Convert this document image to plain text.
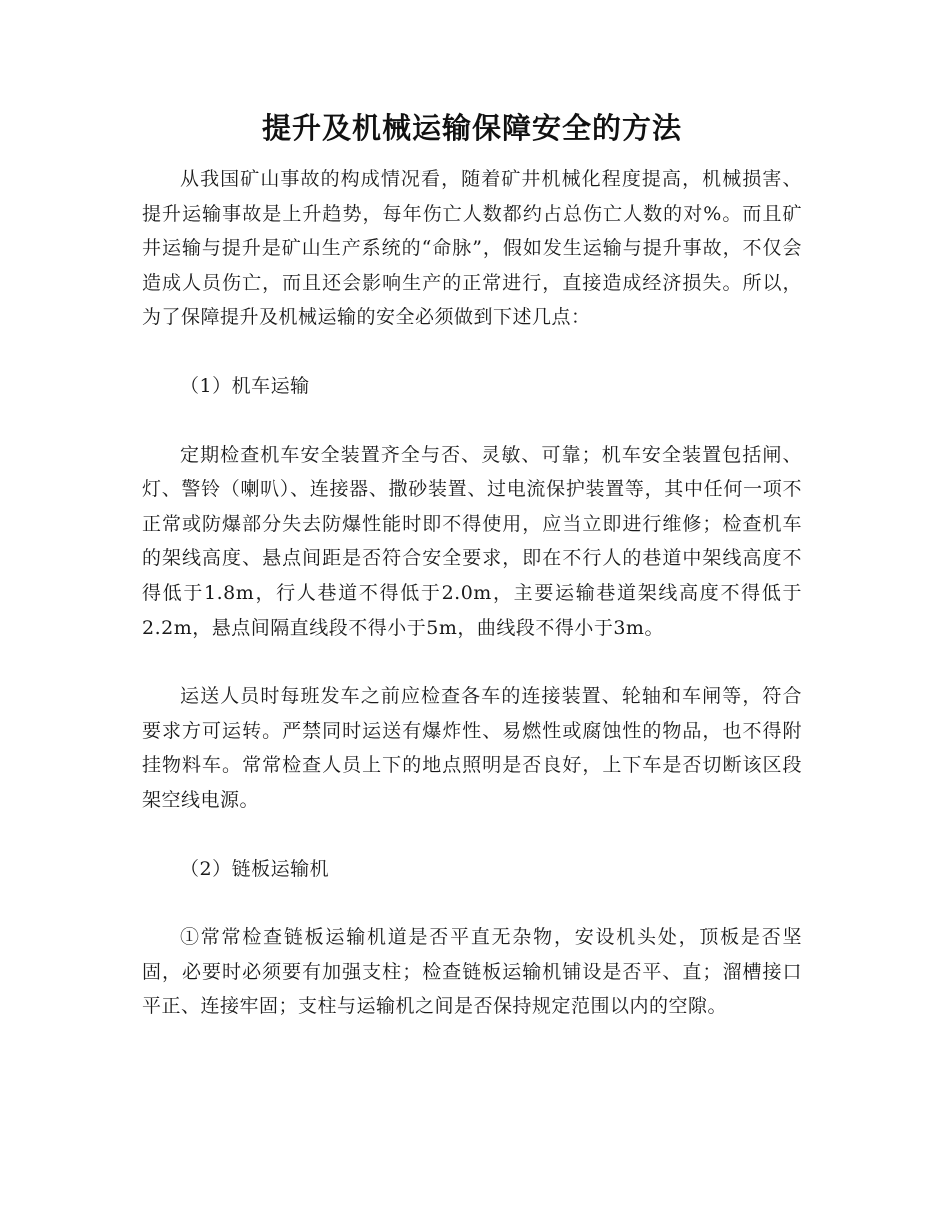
提升及机械运输保障安全的方法

从我国矿山事故的构成情况看，随着矿井机械化程度提高，机械损害、提升运输事故是上升趋势，每年伤亡人数都约占总伤亡人数的对%。而且矿井运输与提升是矿山生产系统的“命脉”，假如发生运输与提升事故，不仅会造成人员伤亡，而且还会影响生产的正常进行，直接造成经济损失。所以，为了保障提升及机械运输的安全必须做到下述几点：

（1）机车运输

定期检查机车安全装置齐全与否、灵敏、可靠；机车安全装置包括闸、灯、警铃（喇叭）、连接器、撒砂装置、过电流保护装置等，其中任何一项不正常或防爆部分失去防爆性能时即不得使用，应当立即进行维修；检查机车的架线高度、悬点间距是否符合安全要求，即在不行人的巷道中架线高度不得低于1.8m，行人巷道不得低于2.0m，主要运输巷道架线高度不得低于2.2m，悬点间隔直线段不得小于5m，曲线段不得小于3m。

运送人员时每班发车之前应检查各车的连接装置、轮轴和车闸等，符合要求方可运转。严禁同时运送有爆炸性、易燃性或腐蚀性的物品，也不得附挂物料车。常常检查人员上下的地点照明是否良好，上下车是否切断该区段架空线电源。

（2）链板运输机

①常常检查链板运输机道是否平直无杂物，安设机头处，顶板是否坚固，必要时必须要有加强支柱；检查链板运输机铺设是否平、直；溜槽接口平正、连接牢固；支柱与运输机之间是否保持规定范围以内的空隙。
